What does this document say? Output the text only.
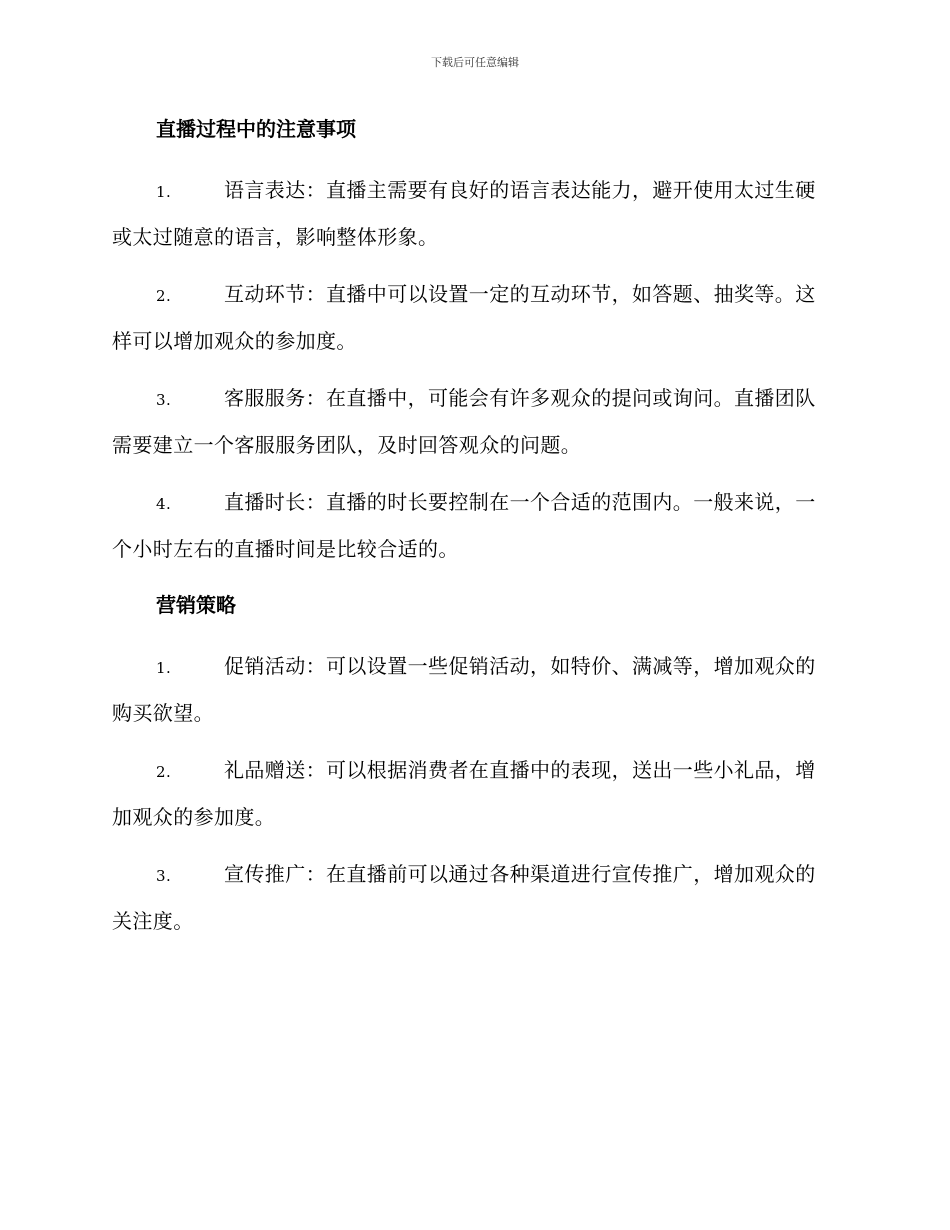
下载后可任意编辑
直播过程中的注意事项
1.	语言表达：直播主需要有良好的语言表达能力，避开使用太过生硬或太过随意的语言，影响整体形象。
2.	互动环节：直播中可以设置一定的互动环节，如答题、抽奖等。这样可以增加观众的参加度。
3.	客服服务：在直播中，可能会有许多观众的提问或询问。直播团队需要建立一个客服服务团队，及时回答观众的问题。
4.	直播时长：直播的时长要控制在一个合适的范围内。一般来说，一个小时左右的直播时间是比较合适的。
营销策略
1.	促销活动：可以设置一些促销活动，如特价、满减等，增加观众的购买欲望。
2.	礼品赠送：可以根据消费者在直播中的表现，送出一些小礼品，增加观众的参加度。
3.	宣传推广：在直播前可以通过各种渠道进行宣传推广，增加观众的关注度。
